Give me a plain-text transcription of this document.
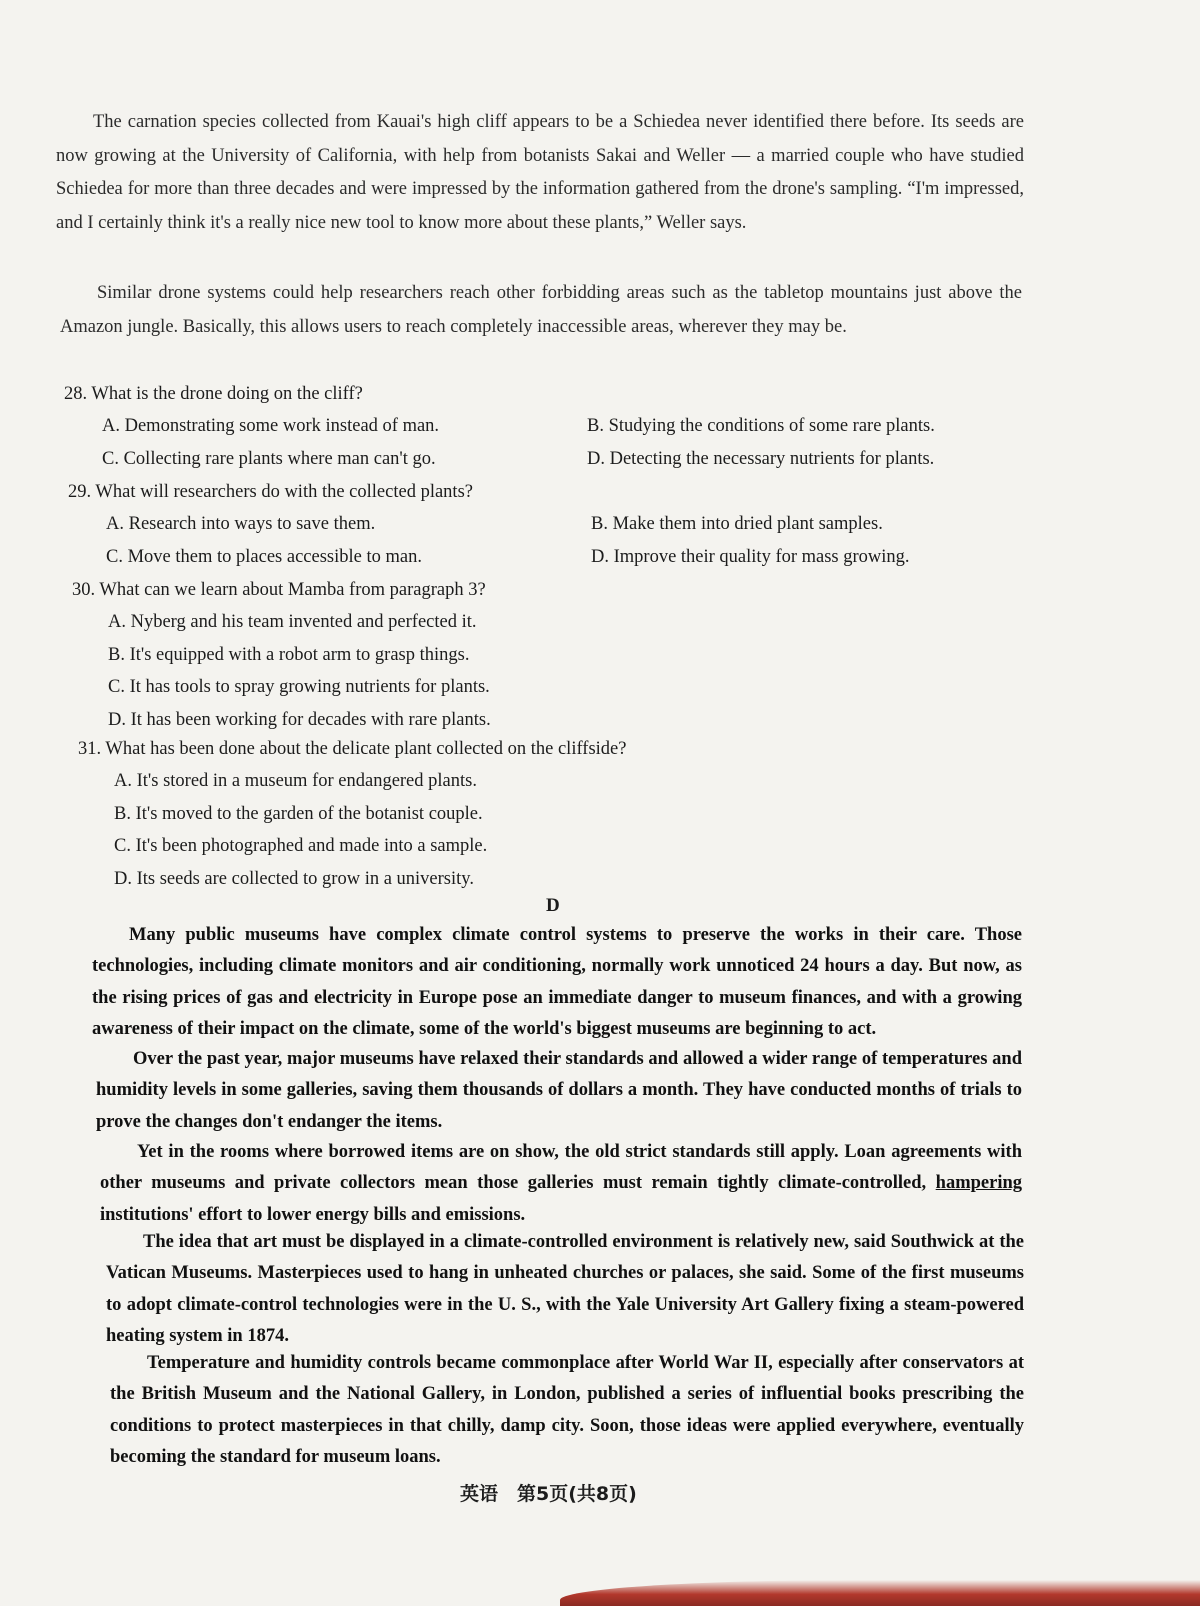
The carnation species collected from Kauai's high cliff appears to be a Schiedea never identified there before. Its seeds are now growing at the University of California, with help from botanists Sakai and Weller — a married couple who have studied Schiedea for more than three decades and were impressed by the information gathered from the drone's sampling. “I'm impressed, and I certainly think it's a really nice new tool to know more about these plants,” Weller says.

Similar drone systems could help researchers reach other forbidding areas such as the tabletop mountains just above the Amazon jungle. Basically, this allows users to reach completely inaccessible areas, wherever they may be.

28. What is the drone doing on the cliff?
A. Demonstrating some work instead of man.	B. Studying the conditions of some rare plants.
C. Collecting rare plants where man can't go.	D. Detecting the necessary nutrients for plants.
29. What will researchers do with the collected plants?
A. Research into ways to save them.	B. Make them into dried plant samples.
C. Move them to places accessible to man.	D. Improve their quality for mass growing.
30. What can we learn about Mamba from paragraph 3?
A. Nyberg and his team invented and perfected it.
B. It's equipped with a robot arm to grasp things.
C. It has tools to spray growing nutrients for plants.
D. It has been working for decades with rare plants.
31. What has been done about the delicate plant collected on the cliffside?
A. It's stored in a museum for endangered plants.
B. It's moved to the garden of the botanist couple.
C. It's been photographed and made into a sample.
D. Its seeds are collected to grow in a university.
D

Many public museums have complex climate control systems to preserve the works in their care. Those technologies, including climate monitors and air conditioning, normally work unnoticed 24 hours a day. But now, as the rising prices of gas and electricity in Europe pose an immediate danger to museum finances, and with a growing awareness of their impact on the climate, some of the world's biggest museums are beginning to act.

Over the past year, major museums have relaxed their standards and allowed a wider range of temperatures and humidity levels in some galleries, saving them thousands of dollars a month. They have conducted months of trials to prove the changes don't endanger the items.

Yet in the rooms where borrowed items are on show, the old strict standards still apply. Loan agreements with other museums and private collectors mean those galleries must remain tightly climate-controlled, hampering institutions' effort to lower energy bills and emissions.

The idea that art must be displayed in a climate-controlled environment is relatively new, said Southwick at the Vatican Museums. Masterpieces used to hang in unheated churches or palaces, she said. Some of the first museums to adopt climate-control technologies were in the U. S., with the Yale University Art Gallery fixing a steam-powered heating system in 1874.

Temperature and humidity controls became commonplace after World War II, especially after conservators at the British Museum and the National Gallery, in London, published a series of influential books prescribing the conditions to protect masterpieces in that chilly, damp city. Soon, those ideas were applied everywhere, eventually becoming the standard for museum loans.

英语　第5页(共8页)
